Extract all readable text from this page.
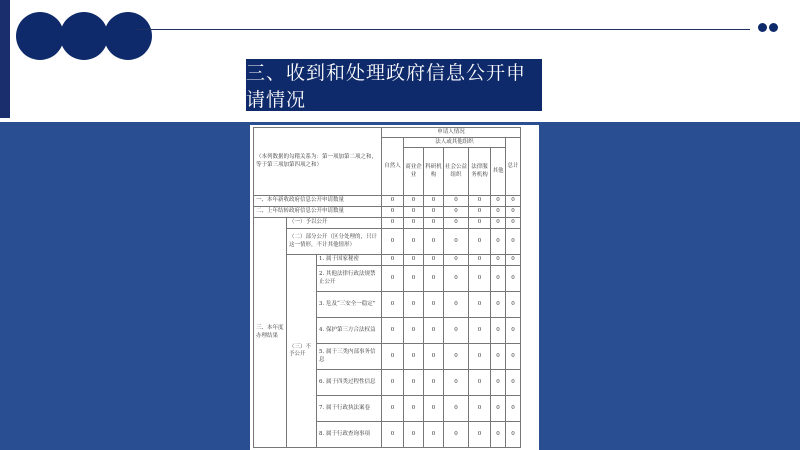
三、收到和处理政府信息公开申请情况
（本列数据的勾稽关系为：第一项加第二项之和，等于第三项加第四项之和）			申请人情况						
			自然人	法人或其他组织					总计
				商业企业	科研机构	社会公益组织	法律服务机构	其他	
一、本年新收政府信息公开申请数量			0	0	0	0	0	0	0
二、上年结转政府信息公开申请数量			0	0	0	0	0	0	0
三、本年度办理结果	（一）予以公开		0	0	0	0	0	0	0
	（二）部分公开（区分处理的，只计这一情形，不计其他情形）		0	0	0	0	0	0	0
	（三）不予公开	1. 属于国家秘密	0	0	0	0	0	0	0
		2. 其他法律行政法规禁止公开	0	0	0	0	0	0	0
		3. 危及“三安全一稳定”	0	0	0	0	0	0	0
		4. 保护第三方合法权益	0	0	0	0	0	0	0
		5. 属于三类内部事务信息	0	0	0	0	0	0	0
		6. 属于四类过程性信息	0	0	0	0	0	0	0
		7. 属于行政执法案卷	0	0	0	0	0	0	0
		8. 属于行政查询事项	0	0	0	0	0	0	0
